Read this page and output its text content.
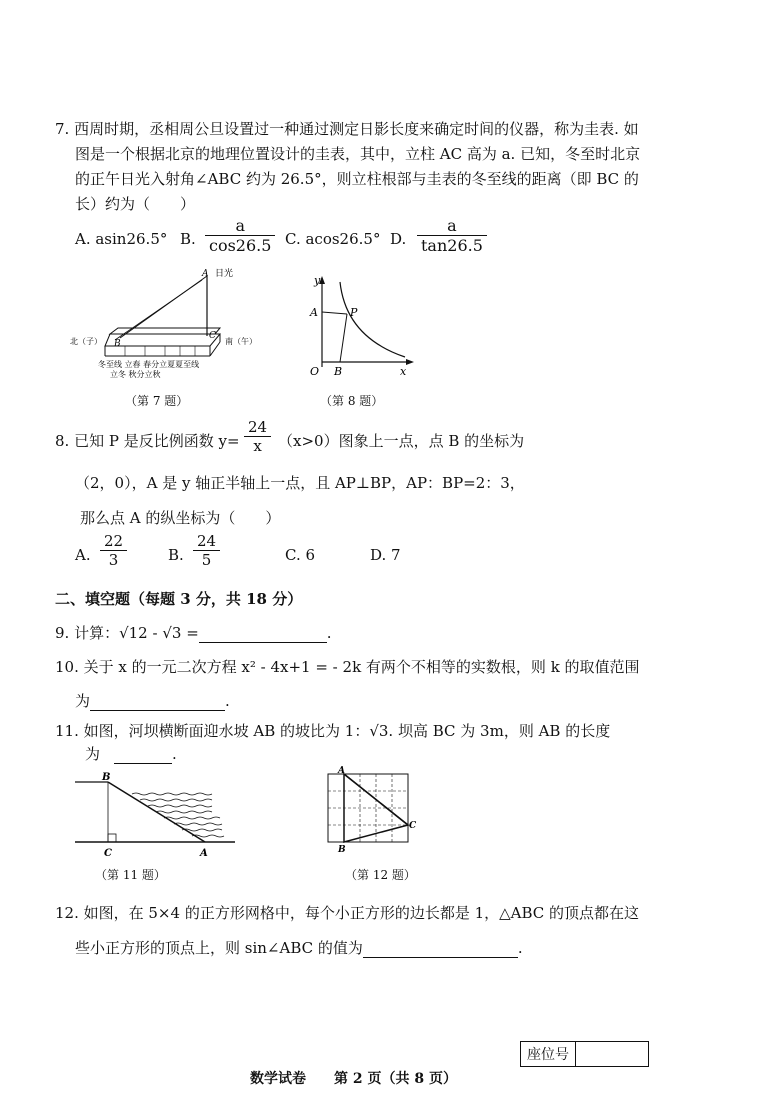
7. 西周时期，丞相周公旦设置过一种通过测定日影长度来确定时间的仪器，称为圭表. 如
图是一个根据北京的地理位置设计的圭表，其中，立柱 AC 高为 a. 已知，冬至时北京
的正午日光入射角∠ABC 约为 26.5°，则立柱根部与圭表的冬至线的距离（即 BC 的
长）约为（　　）
A. asin26.5° B.
a
cos26.5 C. acos26.5° D.
a
tan26.5
A 日光
北（子）	南（午）
B
C
冬至线 立春 春分立夏夏至线
立冬 秋分立秋
（第 7 题）
y
A	P
O B	x
（第 8 题）
8. 已知 P 是反比例函数 y=
24
x	（x>0）图象上一点，点 B 的坐标为
（2，0），A 是 y 轴正半轴上一点，且 AP⊥BP，AP：BP=2：3，
那么点 A 的纵坐标为（　　）
A.
22
3	B.
24
5	C. 6	D. 7
二、填空题（每题 3 分，共 18 分）
9. 计算：√12 - √3 =	.
10. 关于 x 的一元二次方程 x² - 4x+1 = - 2k 有两个不相等的实数根，则 k 的取值范围
为	.
11. 如图，河坝横断面迎水坡 AB 的坡比为 1：√3. 坝高 BC 为 3m，则 AB 的长度
为	.
B
C	A
（第 11 题）
A
B
C
（第 12 题）
12. 如图，在 5×4 的正方形网格中，每个小正方形的边长都是 1，△ABC 的顶点都在这
些小正方形的顶点上，则 sin∠ABC 的值为	.
座位号
数学试卷　　第 2 页（共 8 页）
